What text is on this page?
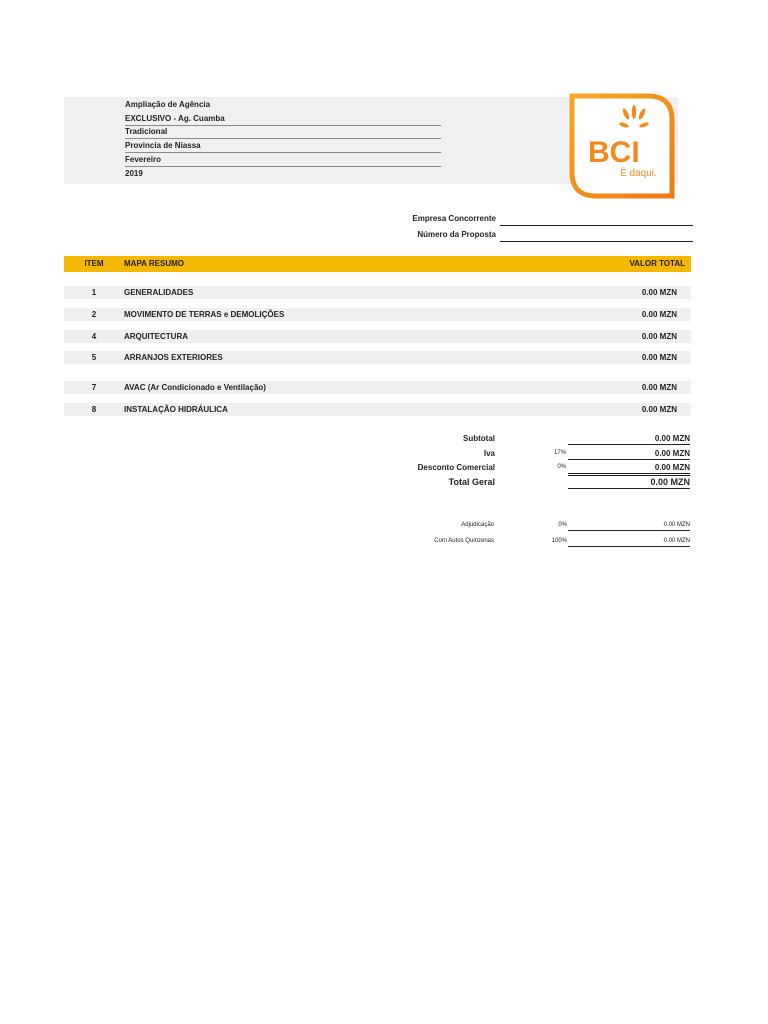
Ampliação de Agência
EXCLUSIVO - Ag. Cuamba
Tradicional
Provincia de Niassa
Fevereiro
2019
BCI
É daqui.
Empresa Concorrente
Número da Proposta
ITEM	MAPA RESUMO	VALOR TOTAL
1	GENERALIDADES	0.00 MZN
2	MOVIMENTO DE TERRAS e DEMOLIÇÕES	0.00 MZN
4	ARQUITECTURA	0.00 MZN
5	ARRANJOS EXTERIORES	0.00 MZN
7	AVAC (Ar Condicionado e Ventilação)	0.00 MZN
8	INSTALAÇÃO HIDRÁULICA	0.00 MZN
Subtotal	0.00 MZN
Iva	17%	0.00 MZN
Desconto Comercial	0%	0.00 MZN
Total Geral	0.00 MZN
Adjudicação	0%	0.00 MZN
Com Autos Quinzenas	100%	0.00 MZN
